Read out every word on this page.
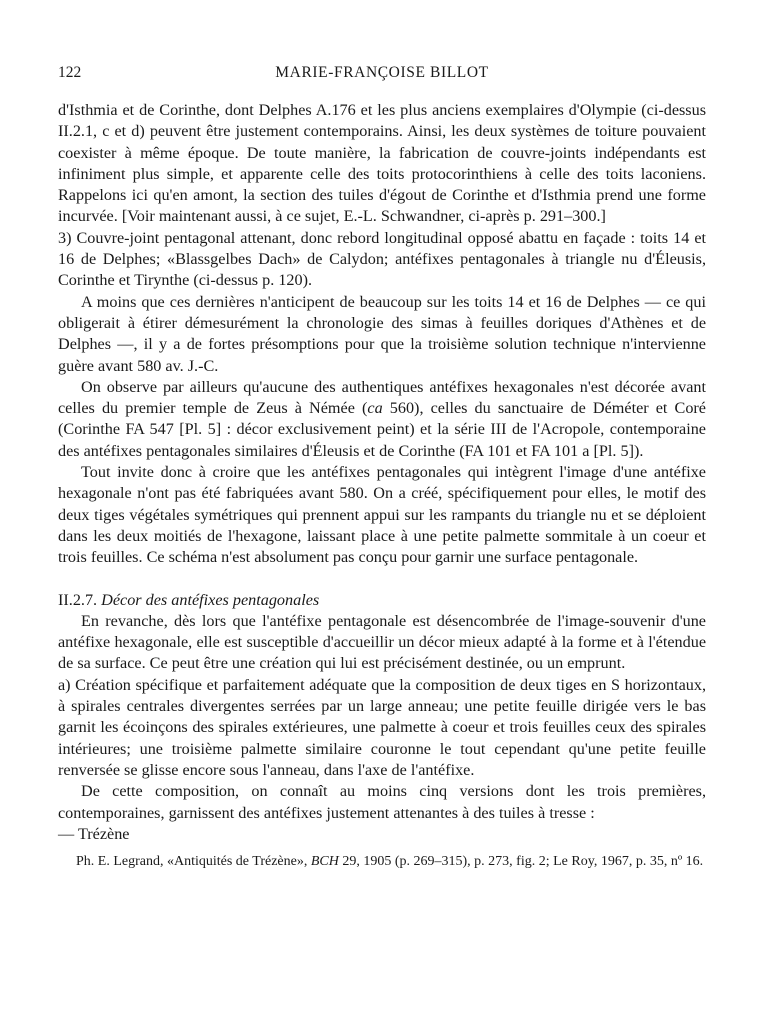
122	MARIE-FRANÇOISE BILLOT

d'Isthmia et de Corinthe, dont Delphes A.176 et les plus anciens exemplaires d'Olympie (ci-dessus II.2.1, c et d) peuvent être justement contemporains. Ainsi, les deux systèmes de toiture pouvaient coexister à même époque. De toute manière, la fabrication de couvre-joints indépendants est infiniment plus simple, et apparente celle des toits protocorinthiens à celle des toits laconiens. Rappelons ici qu'en amont, la section des tuiles d'égout de Corinthe et d'Isthmia prend une forme incurvée. [Voir maintenant aussi, à ce sujet, E.-L. Schwandner, ci-après p. 291–300.]

3) Couvre-joint pentagonal attenant, donc rebord longitudinal opposé abattu en façade : toits 14 et 16 de Delphes; «Blassgelbes Dach» de Calydon; antéfixes pentagonales à triangle nu d'Éleusis, Corinthe et Tirynthe (ci-dessus p. 120).

A moins que ces dernières n'anticipent de beaucoup sur les toits 14 et 16 de Delphes — ce qui obligerait à étirer démesurément la chronologie des simas à feuilles doriques d'Athènes et de Delphes —, il y a de fortes présomptions pour que la troisième solution technique n'intervienne guère avant 580 av. J.-C.

On observe par ailleurs qu'aucune des authentiques antéfixes hexagonales n'est décorée avant celles du premier temple de Zeus à Némée (ca 560), celles du sanctuaire de Déméter et Coré (Corinthe FA 547 [Pl. 5] : décor exclusivement peint) et la série III de l'Acropole, contemporaine des antéfixes pentagonales similaires d'Éleusis et de Corinthe (FA 101 et FA 101 a [Pl. 5]).

Tout invite donc à croire que les antéfixes pentagonales qui intègrent l'image d'une antéfixe hexagonale n'ont pas été fabriquées avant 580. On a créé, spécifiquement pour elles, le motif des deux tiges végétales symétriques qui prennent appui sur les rampants du triangle nu et se déploient dans les deux moitiés de l'hexagone, laissant place à une petite palmette sommitale à un coeur et trois feuilles. Ce schéma n'est absolument pas conçu pour garnir une surface pentagonale.

II.2.7. Décor des antéfixes pentagonales

En revanche, dès lors que l'antéfixe pentagonale est désencombrée de l'image-souvenir d'une antéfixe hexagonale, elle est susceptible d'accueillir un décor mieux adapté à la forme et à l'étendue de sa surface. Ce peut être une création qui lui est précisément destinée, ou un emprunt.

a) Création spécifique et parfaitement adéquate que la composition de deux tiges en S horizontaux, à spirales centrales divergentes serrées par un large anneau; une petite feuille dirigée vers le bas garnit les écoinçons des spirales extérieures, une palmette à coeur et trois feuilles ceux des spirales intérieures; une troisième palmette similaire couronne le tout cependant qu'une petite feuille renversée se glisse encore sous l'anneau, dans l'axe de l'antéfixe.

De cette composition, on connaît au moins cinq versions dont les trois premières, contemporaines, garnissent des antéfixes justement attenantes à des tuiles à tresse :

— Trézène

Ph. E. Legrand, «Antiquités de Trézène», BCH 29, 1905 (p. 269–315), p. 273, fig. 2; Le Roy, 1967, p. 35, nº 16.
